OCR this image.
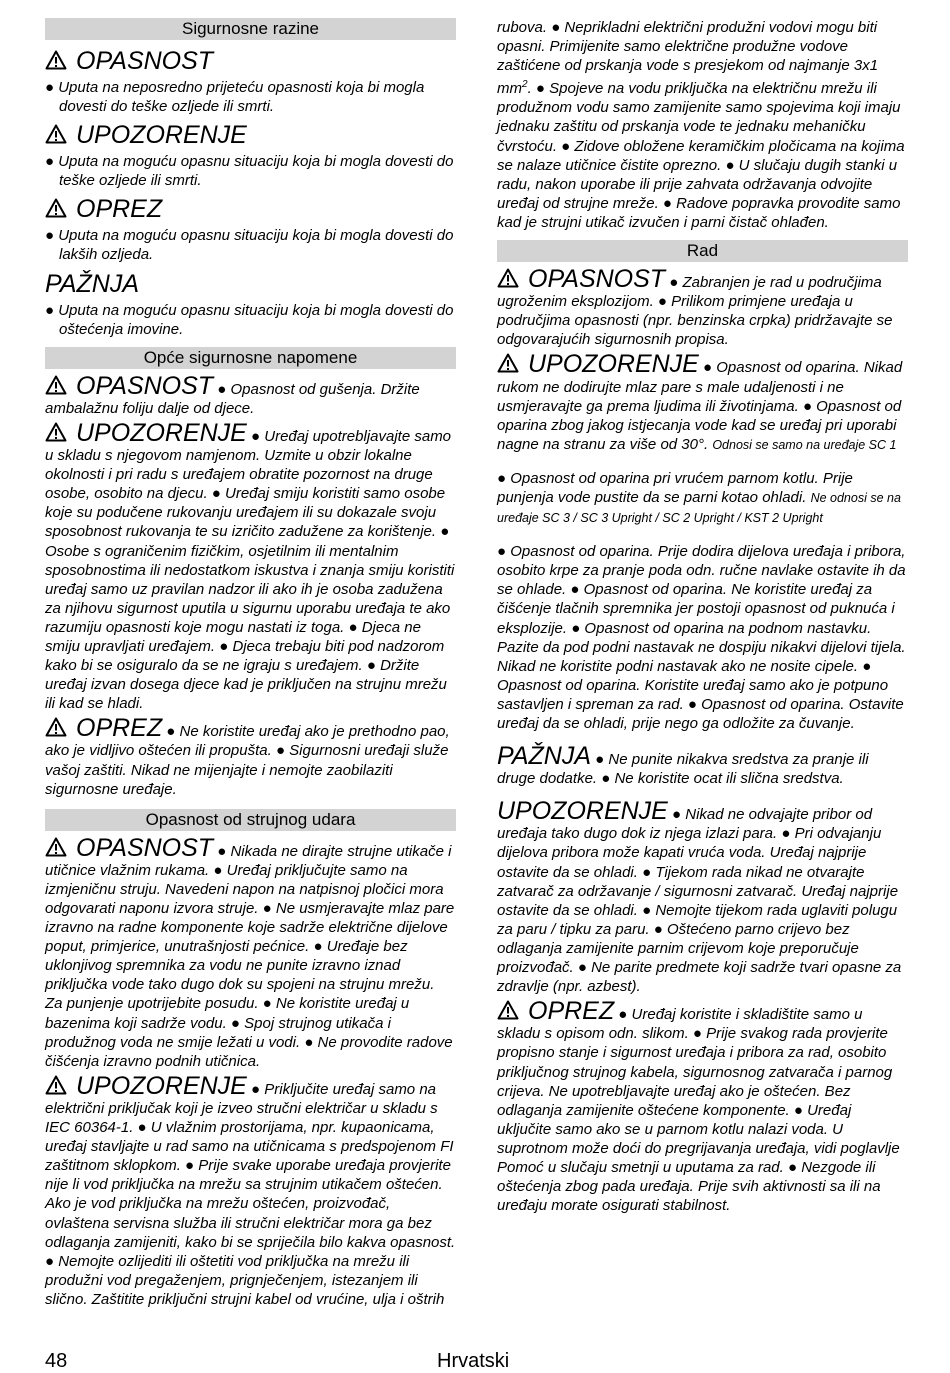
Sigurnosne razine
OPASNOST
● Uputa na neposredno prijeteću opasnosti koja bi mogla dovesti do teške ozljede ili smrti.
UPOZORENJE
● Uputa na moguću opasnu situaciju koja bi mogla dovesti do teške ozljede ili smrti.
OPREZ
● Uputa na moguću opasnu situaciju koja bi mogla dovesti do lakših ozljeda.
PAŽNJA
● Uputa na moguću opasnu situaciju koja bi mogla dovesti do oštećenja imovine.
Opće sigurnosne napomene
OPASNOST ● Opasnost od gušenja. Držite ambalažnu foliju dalje od djece.
UPOZORENJE ● Uređaj upotrebljavajte samo u skladu s njegovom namjenom. Uzmite u obzir lokalne okolnosti i pri radu s uređajem obratite pozornost na druge osobe, osobito na djecu. ● Uređaj smiju koristiti samo osobe koje su podučene rukovanju uređajem ili su dokazale svoju sposobnost rukovanja te su izričito zadužene za korištenje. ● Osobe s ograničenim fizičkim, osjetilnim ili mentalnim sposobnostima ili nedostatkom iskustva i znanja smiju koristiti uređaj samo uz pravilan nadzor ili ako ih je osoba zadužena za njihovu sigurnost uputila u sigurnu uporabu uređaja te ako razumiju opasnosti koje mogu nastati iz toga. ● Djeca ne smiju upravljati uređajem. ● Djeca trebaju biti pod nadzorom kako bi se osiguralo da se ne igraju s uređajem. ● Držite uređaj izvan dosega djece kad je priključen na strujnu mrežu ili kad se hladi.
OPREZ ● Ne koristite uređaj ako je prethodno pao, ako je vidljivo oštećen ili propušta. ● Sigurnosni uređaji služe vašoj zaštiti. Nikad ne mijenjajte i nemojte zaobilaziti sigurnosne uređaje.
Opasnost od strujnog udara
OPASNOST ● Nikada ne dirajte strujne utikače i utičnice vlažnim rukama. ● Uređaj priključujte samo na izmjeničnu struju. Navedeni napon na natpisnoj pločici mora odgovarati naponu izvora struje. ● Ne usmjeravajte mlaz pare izravno na radne komponente koje sadrže električne dijelove poput, primjerice, unutrašnjosti pećnice. ● Uređaje bez uklonjivog spremnika za vodu ne punite izravno iznad priključka vode tako dugo dok su spojeni na strujnu mrežu. Za punjenje upotrijebite posudu. ● Ne koristite uređaj u bazenima koji sadrže vodu. ● Spoj strujnog utikača i produžnog voda ne smije ležati u vodi. ● Ne provodite radove čišćenja izravno podnih utičnica.
UPOZORENJE ● Priključite uređaj samo na električni priključak koji je izveo stručni električar u skladu s IEC 60364-1. ● U vlažnim prostorijama, npr. kupaonicama, uređaj stavljajte u rad samo na utičnicama s predspojenom FI zaštitnom sklopkom. ● Prije svake uporabe uređaja provjerite nije li vod priključka na mrežu sa strujnim utikačem oštećen. Ako je vod priključka na mrežu oštećen, proizvođač, ovlaštena servisna služba ili stručni električar mora ga bez odlaganja zamijeniti, kako bi se spriječila bilo kakva opasnost. ● Nemojte ozlijediti ili oštetiti vod priključka na mrežu ili produžni vod pregaženjem, prignječenjem, istezanjem ili slično. Zaštitite priključni strujni kabel od vrućine, ulja i oštrih
rubova. ● Neprikladni električni produžni vodovi mogu biti opasni. Primijenite samo električne produžne vodove zaštićene od prskanja vode s presjekom od najmanje 3x1 $mm^2$. ● Spojeve na vodu priključka na električnu mrežu ili produžnom vodu samo zamijenite samo spojevima koji imaju jednaku zaštitu od prskanja vode te jednaku mehaničku čvrstoću. ● Zidove obložene keramičkim pločicama na kojima se nalaze utičnice čistite oprezno. ● U slučaju dugih stanki u radu, nakon uporabe ili prije zahvata održavanja odvojite uređaj od strujne mreže. ● Radove popravka provodite samo kad je strujni utikač izvučen i parni čistač ohlađen.
Rad
OPASNOST ● Zabranjen je rad u područjima ugroženim eksplozijom. ● Prilikom primjene uređaja u područjima opasnosti (npr. benzinska crpka) pridržavajte se odgovarajućih sigurnosnih propisa.
UPOZORENJE ● Opasnost od oparina. Nikad rukom ne dodirujte mlaz pare s male udaljenosti i ne usmjeravajte ga prema ljudima ili životinjama. ● Opasnost od oparina zbog jakog istjecanja vode kad se uređaj pri uporabi nagne na stranu za više od 30°. Odnosi se samo na uređaje SC 1
● Opasnost od oparina pri vrućem parnom kotlu. Prije punjenja vode pustite da se parni kotao ohladi. Ne odnosi se na uređaje SC 3 / SC 3 Upright / SC 2 Upright / KST 2 Upright
● Opasnost od oparina. Prije dodira dijelova uređaja i pribora, osobito krpe za pranje poda odn. ručne navlake ostavite ih da se ohlade. ● Opasnost od oparina. Ne koristite uređaj za čišćenje tlačnih spremnika jer postoji opasnost od puknuća i eksplozije. ● Opasnost od oparina na podnom nastavku. Pazite da pod podni nastavak ne dospiju nikakvi dijelovi tijela. Nikad ne koristite podni nastavak ako ne nosite cipele. ● Opasnost od oparina. Koristite uređaj samo ako je potpuno sastavljen i spreman za rad. ● Opasnost od oparina. Ostavite uređaj da se ohladi, prije nego ga odložite za čuvanje.
PAŽNJA ● Ne punite nikakva sredstva za pranje ili druge dodatke. ● Ne koristite ocat ili slična sredstva.
UPOZORENJE ● Nikad ne odvajajte pribor od uređaja tako dugo dok iz njega izlazi para. ● Pri odvajanju dijelova pribora može kapati vruća voda. Uređaj najprije ostavite da se ohladi. ● Tijekom rada nikad ne otvarajte zatvarač za održavanje / sigurnosni zatvarač. Uređaj najprije ostavite da se ohladi. ● Nemojte tijekom rada uglaviti polugu za paru / tipku za paru. ● Oštećeno parno crijevo bez odlaganja zamijenite parnim crijevom koje preporučuje proizvođač. ● Ne parite predmete koji sadrže tvari opasne za zdravlje (npr. azbest).
OPREZ ● Uređaj koristite i skladištite samo u skladu s opisom odn. slikom. ● Prije svakog rada provjerite propisno stanje i sigurnost uređaja i pribora za rad, osobito priključnog strujnog kabela, sigurnosnog zatvarača i parnog crijeva. Ne upotrebljavajte uređaj ako je oštećen. Bez odlaganja zamijenite oštećene komponente. ● Uređaj uključite samo ako se u parnom kotlu nalazi voda. U suprotnom može doći do pregrijavanja uređaja, vidi poglavlje Pomoć u slučaju smetnji u uputama za rad. ● Nezgode ili oštećenja zbog pada uređaja. Prije svih aktivnosti sa ili na uređaju morate osigurati stabilnost.
48	Hrvatski
